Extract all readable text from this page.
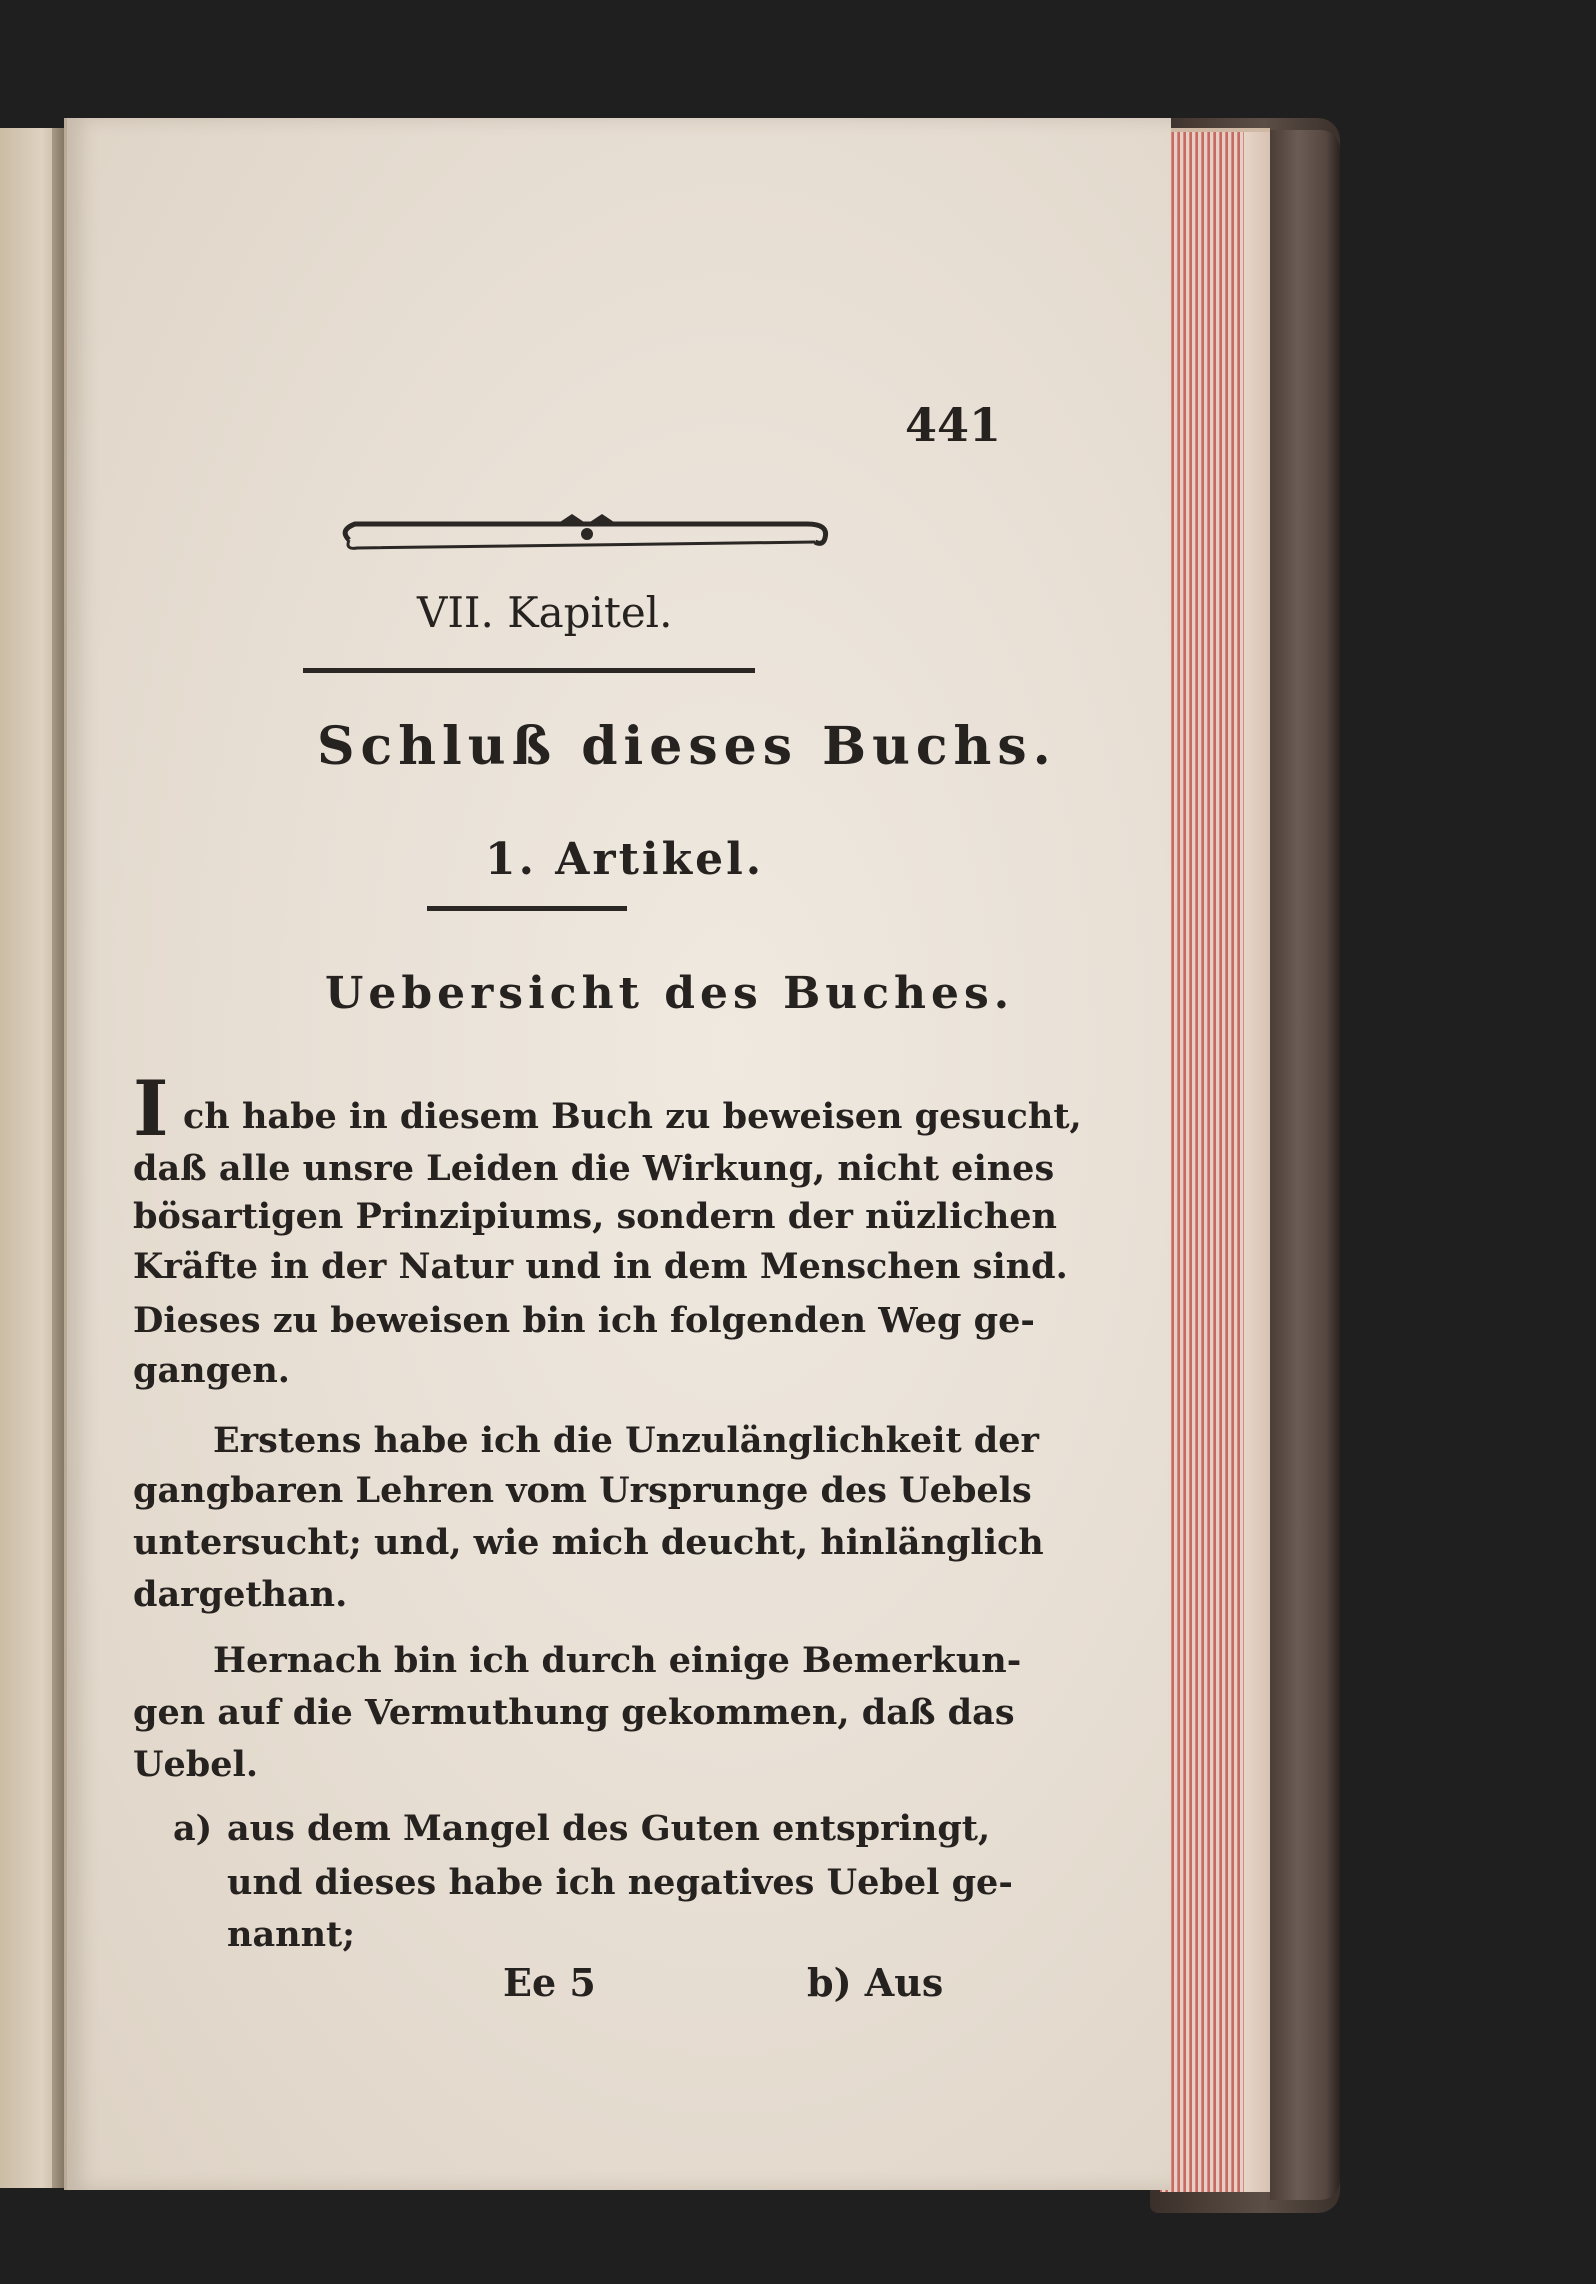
441
VII. Kapitel.
Schluß dieses Buchs.
1. Artikel.
Uebersicht des Buches.
I ch habe in diesem Buch zu beweisen gesucht,
daß alle unsre Leiden die Wirkung, nicht eines
bösartigen Prinzipiums, sondern der nüzlichen
Kräfte in der Natur und in dem Menschen sind.
Dieses zu beweisen bin ich folgenden Weg ge-
gangen.
Erstens habe ich die Unzulänglichkeit der
gangbaren Lehren vom Ursprunge des Uebels
untersucht; und, wie mich deucht, hinlänglich
dargethan.
Hernach bin ich durch einige Bemerkun-
gen auf die Vermuthung gekommen, daß das
Uebel.
a) aus dem Mangel des Guten entspringt,
und dieses habe ich negatives Uebel ge-
nannt;
Ee 5	b) Aus
